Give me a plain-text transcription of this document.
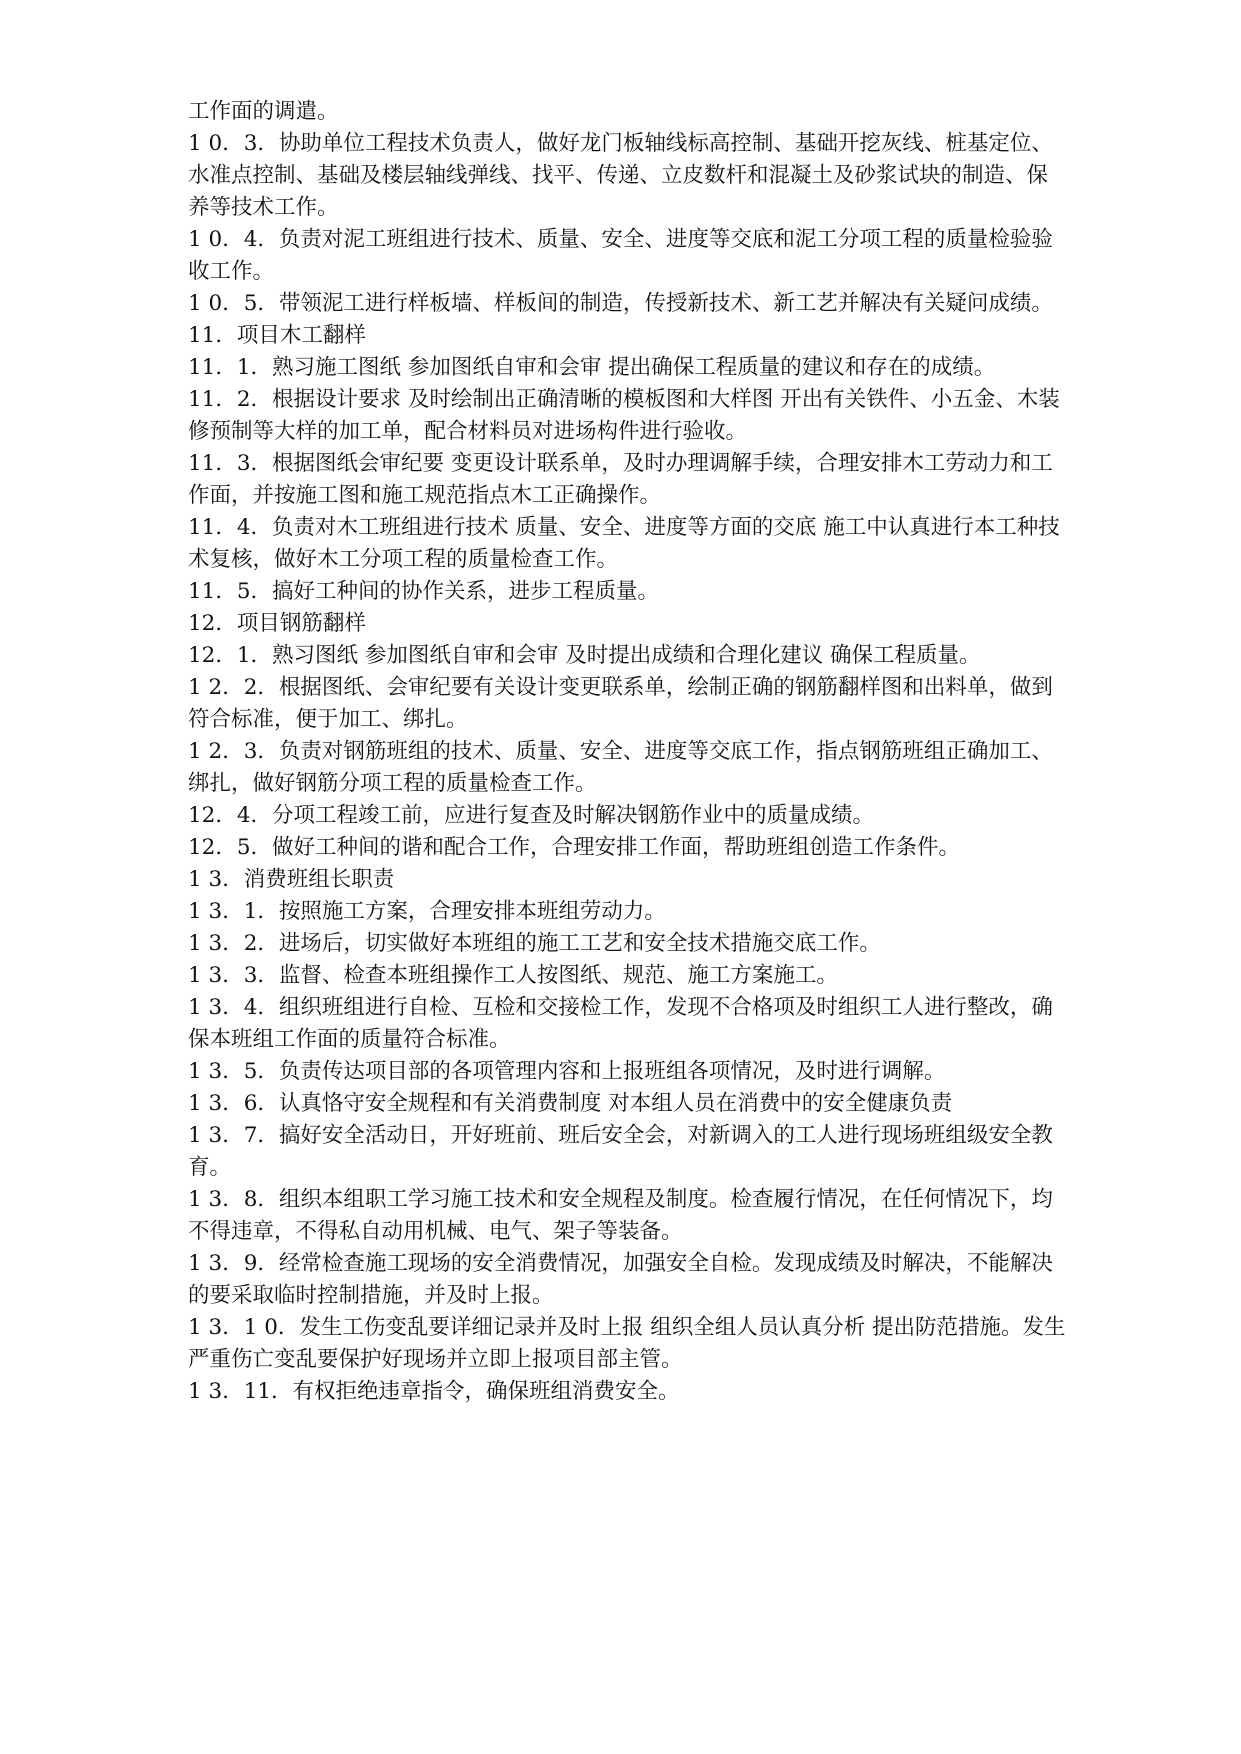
工作面的调遣。

1 0．3．协助单位工程技术负责人，做好龙门板轴线标高控制、基础开挖灰线、桩基定位、水准点控制、基础及楼层轴线弹线、找平、传递、立皮数杆和混凝土及砂浆试块的制造、保养等技术工作。

1 0．4．负责对泥工班组进行技术、质量、安全、进度等交底和泥工分项工程的质量检验验收工作。

1 0．5．带领泥工进行样板墙、样板间的制造，传授新技术、新工艺并解决有关疑问成绩。

11．项目木工翻样

11．1．熟习施工图纸 参加图纸自审和会审 提出确保工程质量的建议和存在的成绩。

11．2．根据设计要求 及时绘制出正确清晰的模板图和大样图 开出有关铁件、小五金、木装修预制等大样的加工单，配合材料员对进场构件进行验收。

11．3．根据图纸会审纪要 变更设计联系单，及时办理调解手续，合理安排木工劳动力和工作面，并按施工图和施工规范指点木工正确操作。

11．4．负责对木工班组进行技术 质量、安全、进度等方面的交底 施工中认真进行本工种技术复核，做好木工分项工程的质量检查工作。

11．5．搞好工种间的协作关系，进步工程质量。

12．项目钢筋翻样

12．1．熟习图纸 参加图纸自审和会审 及时提出成绩和合理化建议 确保工程质量。

1 2．2．根据图纸、会审纪要有关设计变更联系单，绘制正确的钢筋翻样图和出料单，做到符合标准，便于加工、绑扎。

1 2．3．负责对钢筋班组的技术、质量、安全、进度等交底工作，指点钢筋班组正确加工、绑扎，做好钢筋分项工程的质量检查工作。

12．4．分项工程竣工前，应进行复查及时解决钢筋作业中的质量成绩。

12．5．做好工种间的谐和配合工作，合理安排工作面，帮助班组创造工作条件。

1 3．消费班组长职责

1 3．1．按照施工方案，合理安排本班组劳动力。

1 3．2．进场后，切实做好本班组的施工工艺和安全技术措施交底工作。

1 3．3．监督、检查本班组操作工人按图纸、规范、施工方案施工。

1 3．4．组织班组进行自检、互检和交接检工作，发现不合格项及时组织工人进行整改，确保本班组工作面的质量符合标准。

1 3．5．负责传达项目部的各项管理内容和上报班组各项情况，及时进行调解。

1 3．6．认真恪守安全规程和有关消费制度 对本组人员在消费中的安全健康负责

1 3．7．搞好安全活动日，开好班前、班后安全会，对新调入的工人进行现场班组级安全教育。

1 3．8．组织本组职工学习施工技术和安全规程及制度。检查履行情况，在任何情况下，均不得违章，不得私自动用机械、电气、架子等装备。

1 3．9．经常检查施工现场的安全消费情况，加强安全自检。发现成绩及时解决，不能解决的要采取临时控制措施，并及时上报。

1 3．1 0．发生工伤变乱要详细记录并及时上报 组织全组人员认真分析 提出防范措施。发生严重伤亡变乱要保护好现场并立即上报项目部主管。

1 3．11．有权拒绝违章指令，确保班组消费安全。
